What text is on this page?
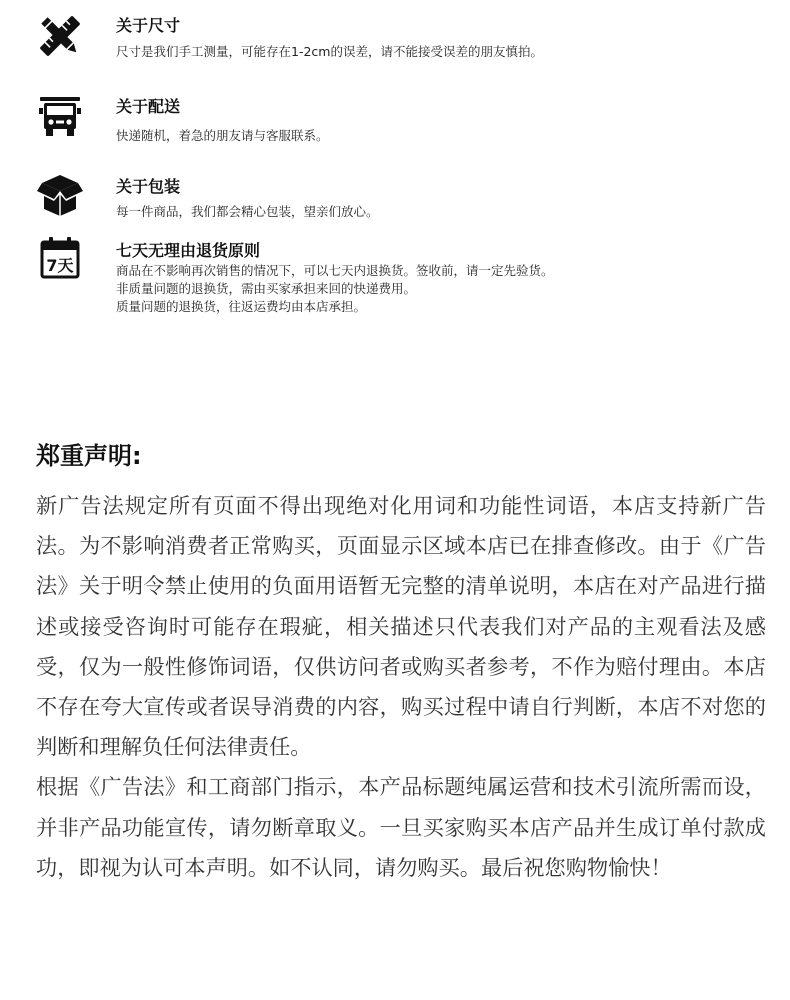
关于尺寸
尺寸是我们手工测量，可能存在1-2cm的误差，请不能接受误差的朋友慎拍。
关于配送
快递随机，着急的朋友请与客服联系。
关于包装
每一件商品，我们都会精心包装，望亲们放心。
7天
七天无理由退货原则
商品在不影响再次销售的情况下，可以七天内退换货。签收前，请一定先验货。
非质量问题的退换货，需由买家承担来回的快递费用。
质量问题的退换货，往返运费均由本店承担。
郑重声明:

新广告法规定所有页面不得出现绝对化用词和功能性词语，本店支持新广告法。为不影响消费者正常购买，页面显示区域本店已在排查修改。由于《广告法》关于明令禁止使用的负面用语暂无完整的清单说明，本店在对产品进行描述或接受咨询时可能存在瑕疵，相关描述只代表我们对产品的主观看法及感受，仅为一般性修饰词语，仅供访问者或购买者参考，不作为赔付理由。本店不存在夸大宣传或者误导消费的内容，购买过程中请自行判断，本店不对您的判断和理解负任何法律责任。

根据《广告法》和工商部门指示，本产品标题纯属运营和技术引流所需而设，并非产品功能宣传，请勿断章取义。一旦买家购买本店产品并生成订单付款成功，即视为认可本声明。如不认同，请勿购买。最后祝您购物愉快！
